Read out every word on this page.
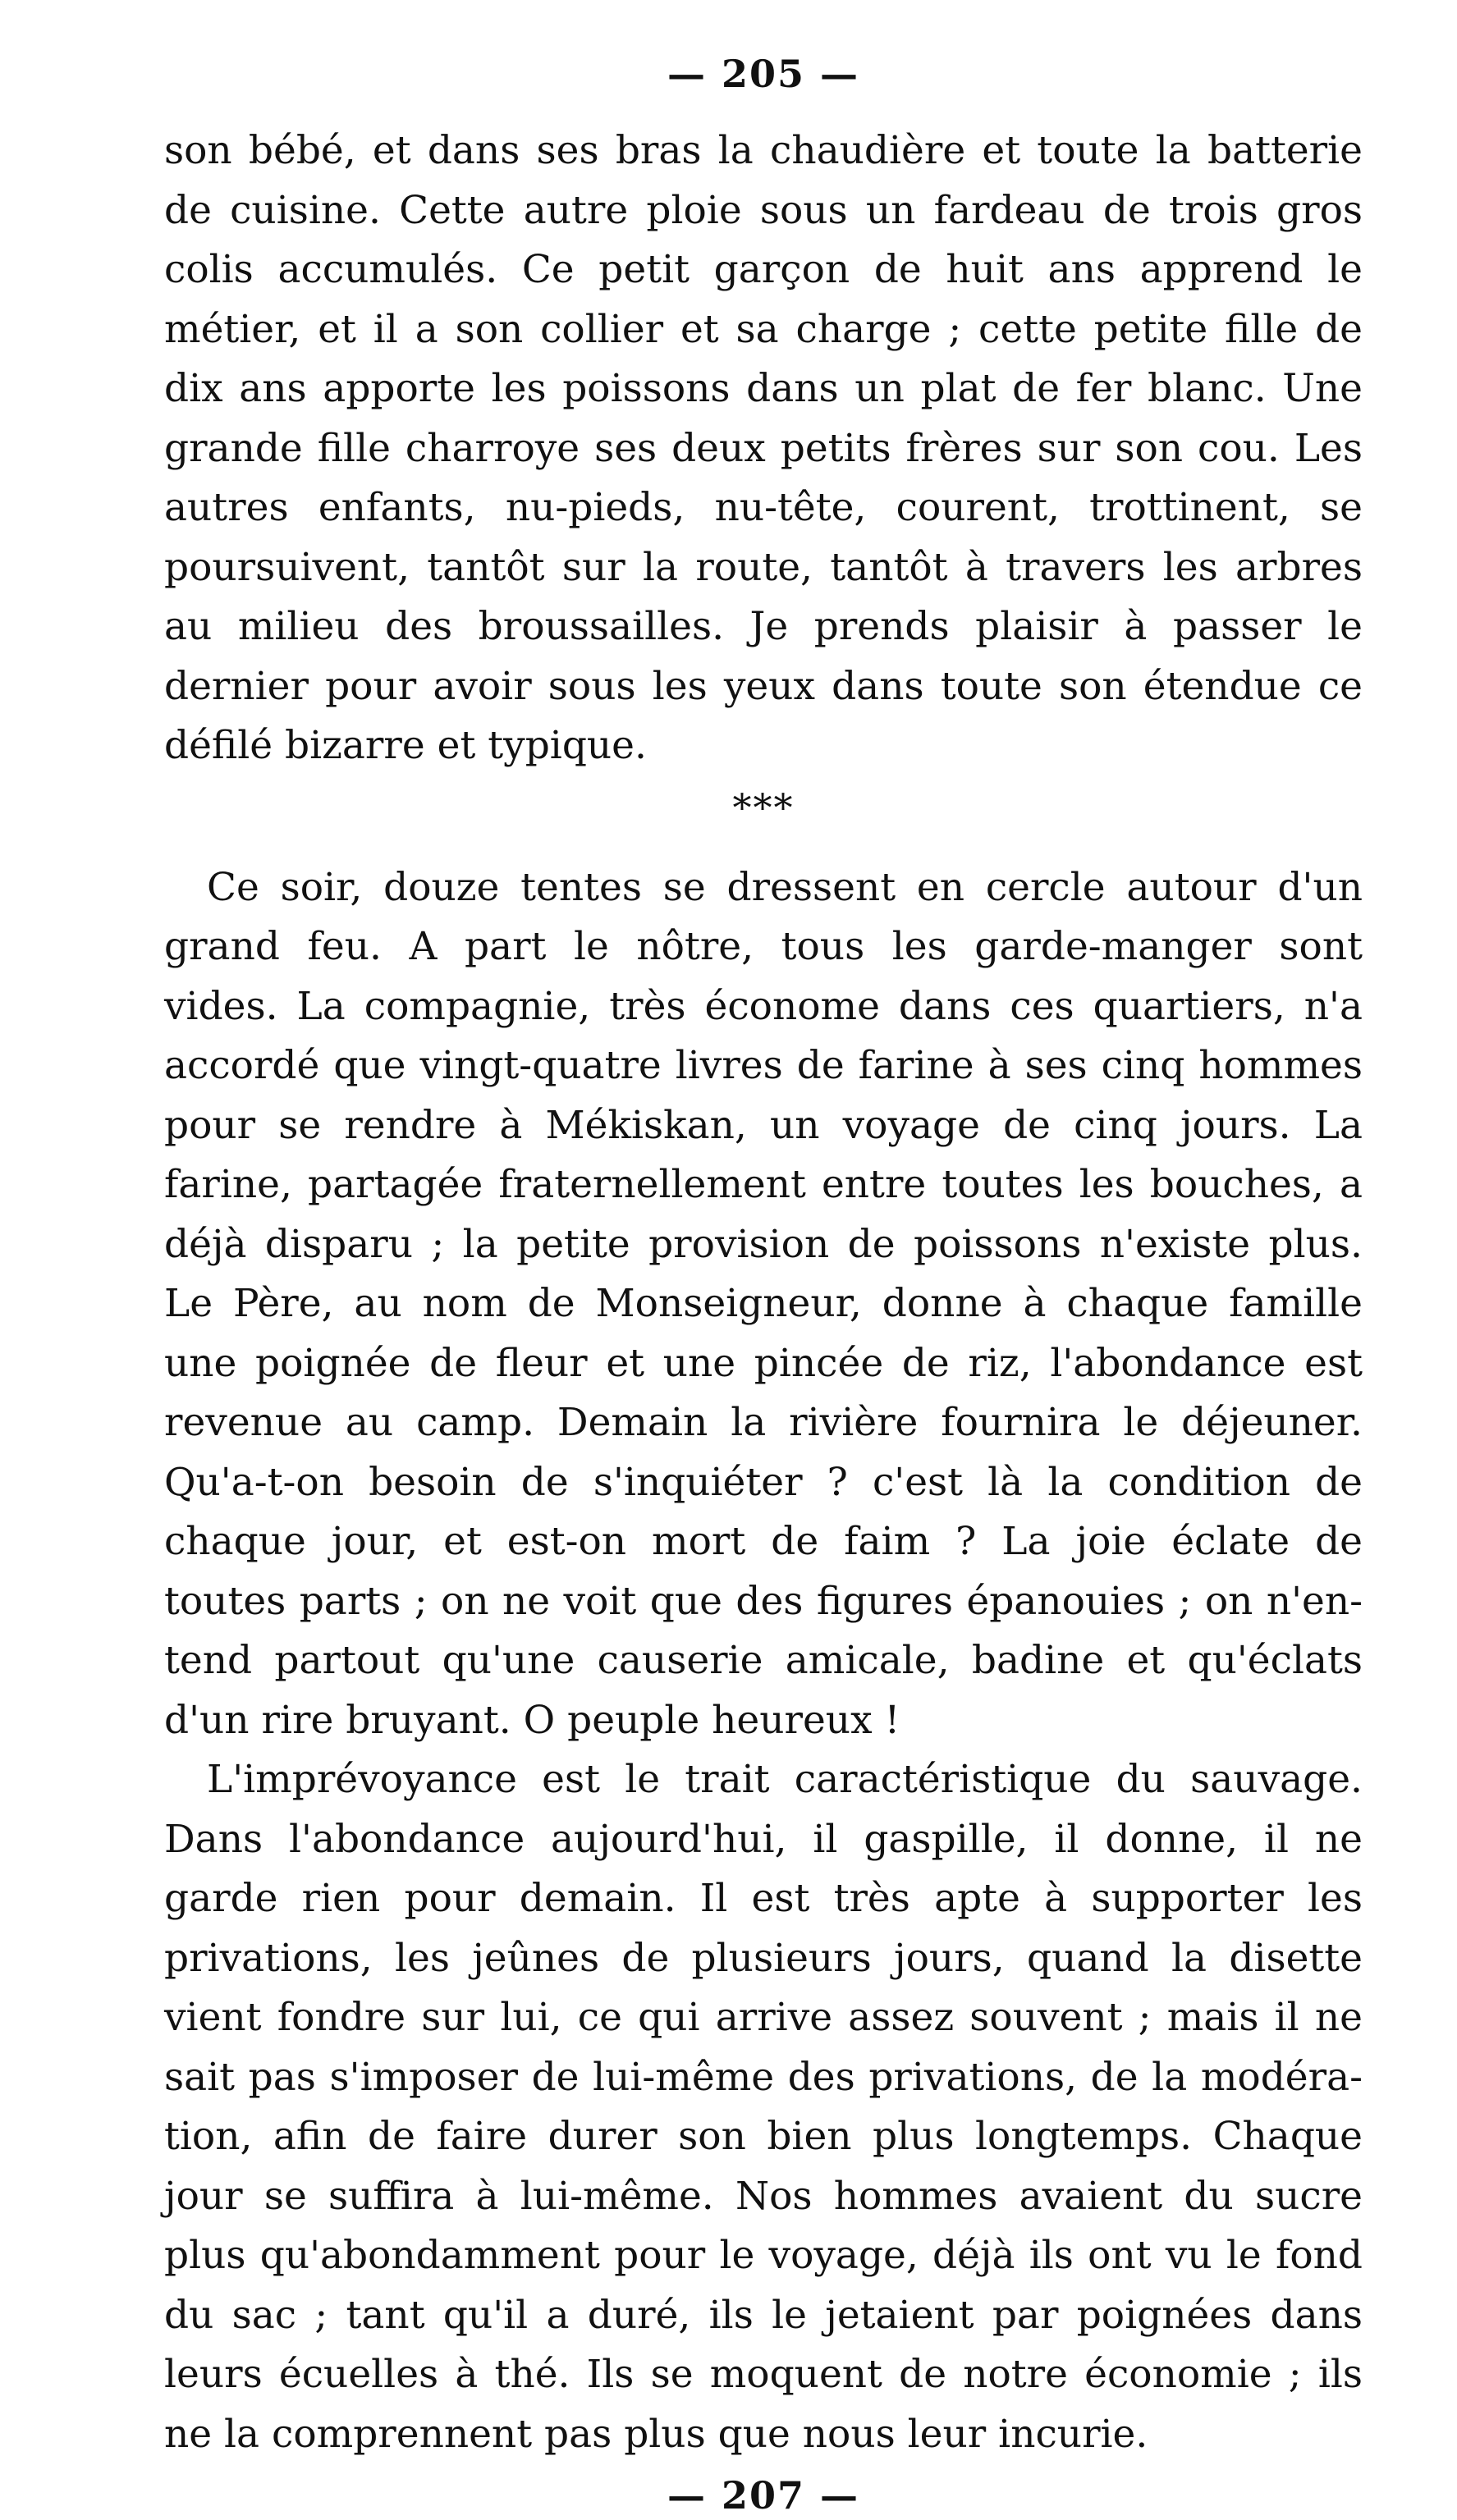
— 205 —

son bébé, et dans ses bras la chaudière et toute la batterie
de cuisine. Cette autre ploie sous un fardeau de trois gros
colis accumulés. Ce petit garçon de huit ans apprend le
métier, et il a son collier et sa charge ; cette petite fille de
dix ans apporte les poissons dans un plat de fer blanc. Une
grande fille charroye ses deux petits frères sur son cou. Les
autres enfants, nu-pieds, nu-tête, courent, trottinent, se
poursuivent, tantôt sur la route, tantôt à travers les arbres
au milieu des broussailles. Je prends plaisir à passer le
dernier pour avoir sous les yeux dans toute son étendue ce
défilé bizarre et typique.

***

Ce soir, douze tentes se dressent en cercle autour d'un
grand feu. A part le nôtre, tous les garde-manger sont
vides. La compagnie, très économe dans ces quartiers, n'a
accordé que vingt-quatre livres de farine à ses cinq hommes
pour se rendre à Mékiskan, un voyage de cinq jours. La
farine, partagée fraternellement entre toutes les bouches, a
déjà disparu ; la petite provision de poissons n'existe plus.
Le Père, au nom de Monseigneur, donne à chaque famille
une poignée de fleur et une pincée de riz, l'abondance est
revenue au camp. Demain la rivière fournira le déjeuner.
Qu'a-t-on besoin de s'inquiéter ? c'est là la condition de
chaque jour, et est-on mort de faim ? La joie éclate de
toutes parts ; on ne voit que des figures épanouies ; on n'en-
tend partout qu'une causerie amicale, badine et qu'éclats
d'un rire bruyant. O peuple heureux !

L'imprévoyance est le trait caractéristique du sauvage.
Dans l'abondance aujourd'hui, il gaspille, il donne, il ne
garde rien pour demain. Il est très apte à supporter les
privations, les jeûnes de plusieurs jours, quand la disette
vient fondre sur lui, ce qui arrive assez souvent ; mais il ne
sait pas s'imposer de lui-même des privations, de la modéra-
tion, afin de faire durer son bien plus longtemps. Chaque
jour se suffira à lui-même. Nos hommes avaient du sucre
plus qu'abondamment pour le voyage, déjà ils ont vu le fond
du sac ; tant qu'il a duré, ils le jetaient par poignées dans
leurs écuelles à thé. Ils se moquent de notre économie ; ils
ne la comprennent pas plus que nous leur incurie.

— 207 —
